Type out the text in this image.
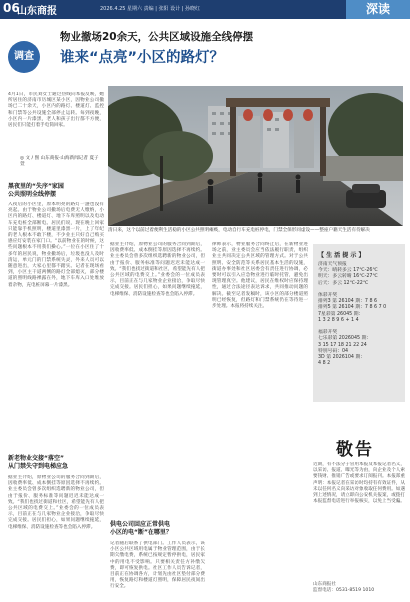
06
山东商报	2026.4.25 星期六 责编 | 张阳 设计 | 孙晓红	深读
调查
物业撤场20余天，公共区域设施全线停摆
谁来“点亮”小区的路灯？
4月1日，市民刘女士通过热线向本报反映，她所居住的济南市历城区某小区，因物业公司撤场已二十余天，小区内的路灯、楼道灯、监控和门禁等公共设施全部停止运转。每到夜晚，小区内一片漆黑，老人和孩子出行都不方便，居民们只能打着手电筒回家。
◎ 文 / 图 山东商报·山海新闻记者 夏子萱
清日来，这个以前过着便利生活稳的小区公共照明瘫痪，电动自行车充电桩停电，门禁全保形同虚设——整座户籍天生活有待解决
黑夜里的“失序”家园
公共照明全线停摆
入夜后的小区里，原本明亮的路灯一盏也没有亮起。由于物业公司撤场后电费无人缴纳，小区内的路灯、楼道灯、地下车库照明以及电动车充电桩全部断电。居民们说，现在晚上回家只能靠手机照明，楼道里漆黑一片，上了年纪的老人根本不敢下楼，不少业主只好自己购买感应灯安装在家门口。“以前物业在的时候，这些问题根本不用我们操心。”一位在小区住了十多年的居民说，物业撤场后，垃圾也没人及时清运，单元门的门禁系统失灵，外来人员可以随意进出，大家心里都不踏实。记者在现场看到，小区主干道两侧的路灯全部熄灭，部分楼道的照明线路裸露在外，地下车库入口处堆放着杂物，充电桩屏幕一片漆黑。
新老物业交接“落空”
从门禁失守到电梯应急
据业主介绍，原物业公司的服务合同到期后，因收费率低、成本倒挂等原因选择不再续约。业主委员会曾多次组织选聘新的物业公司，但由于报价、服务标准等问题迟迟未能达成一致。“我们也找过街道和社区，希望能先有人把公共区域的电费交上。”业委会的一位成员表示，目前正在与几家物业企业接洽，争取尽快完成交接。居民们担心，如果问题继续拖延，电梯维保、消防设施检查等也会陷入停滞。
据业主介绍，原物业公司的服务合同到期后，因收费率低、成本倒挂等原因选择不再续约。业主委员会曾多次组织选聘新的物业公司，但由于报价、服务标准等问题迟迟未能达成一致。“我们也找过街道和社区，希望能先有人把公共区域的电费交上。”业委会的一位成员表示，目前正在与几家物业企业接洽，争取尽快完成交接。居民们担心，如果问题继续拖延，电梯维保、消防设施检查等也会陷入停滞。
供电公司回应正常供电
小区的电“断”在哪里？
记者随后联系了供电部门。工作人员表示，该小区公共区域用电属于物业管理范围，由于长期欠缴电费，系统已按规定暂停供电，居民家中的用电不受影响。只要相关责任方补缴欠费，即可恢复供电。社区工作人员告诉记者，目前正在协调各方，计划先由社区垫付部分费用，恢复路灯和楼道灯照明，保障居民夜间出行安全。
律师表示，物业服务合同终止后，在新物业进场之前，业主委员会应当依法履行职责，组织业主共同决定公共区域的管理方式。对于公共照明、安全防范等关系居民基本生活的设施，街道办事处和社区居委会有责任进行协调，必要时可以引入应急物业进行临时托管，避免出现管理真空。他建议，居民在维权时应保持理性，通过合法途径表达诉求，共同推动问题的解决。截至记者发稿时，该小区的部分楼道照明已经恢复，但路灯和门禁系统仍在等待进一步处理。本报将持续关注。
【 生 活 提 示 】
济南天气预报
今天：晴转多云 17℃-26℃
明天：多云转晴 16℃-27℃
后天：多云 12℃-22℃

体彩开奖
排列3 第 26104 期：7 8 6
排列5 第 26104 期：7 8 6 7 0
7星彩第 26045 期：
1 3 2 8 9 6 + 1 4

福彩开奖
七乐彩第 2026045 期：
3 15 17 18 21 22 24
特别号码：04
3D 第 2026104 期：
4 8 2
敬告
近期，有不法分子冒用本报及本报记者名义，以采访、报道、曝光等为由，向企业及个人索要钱财、推销广告或要求订阅报刊。本报郑重声明：本报记者在采访时均持有有效证件，从未以任何名义向采访对象收取任何费用。如遇到上述情况，请立即向公安机关报案，或拨打本报监督电话进行举报核实，以免上当受骗。
山东商报社
监督电话：0531-8519 1010
